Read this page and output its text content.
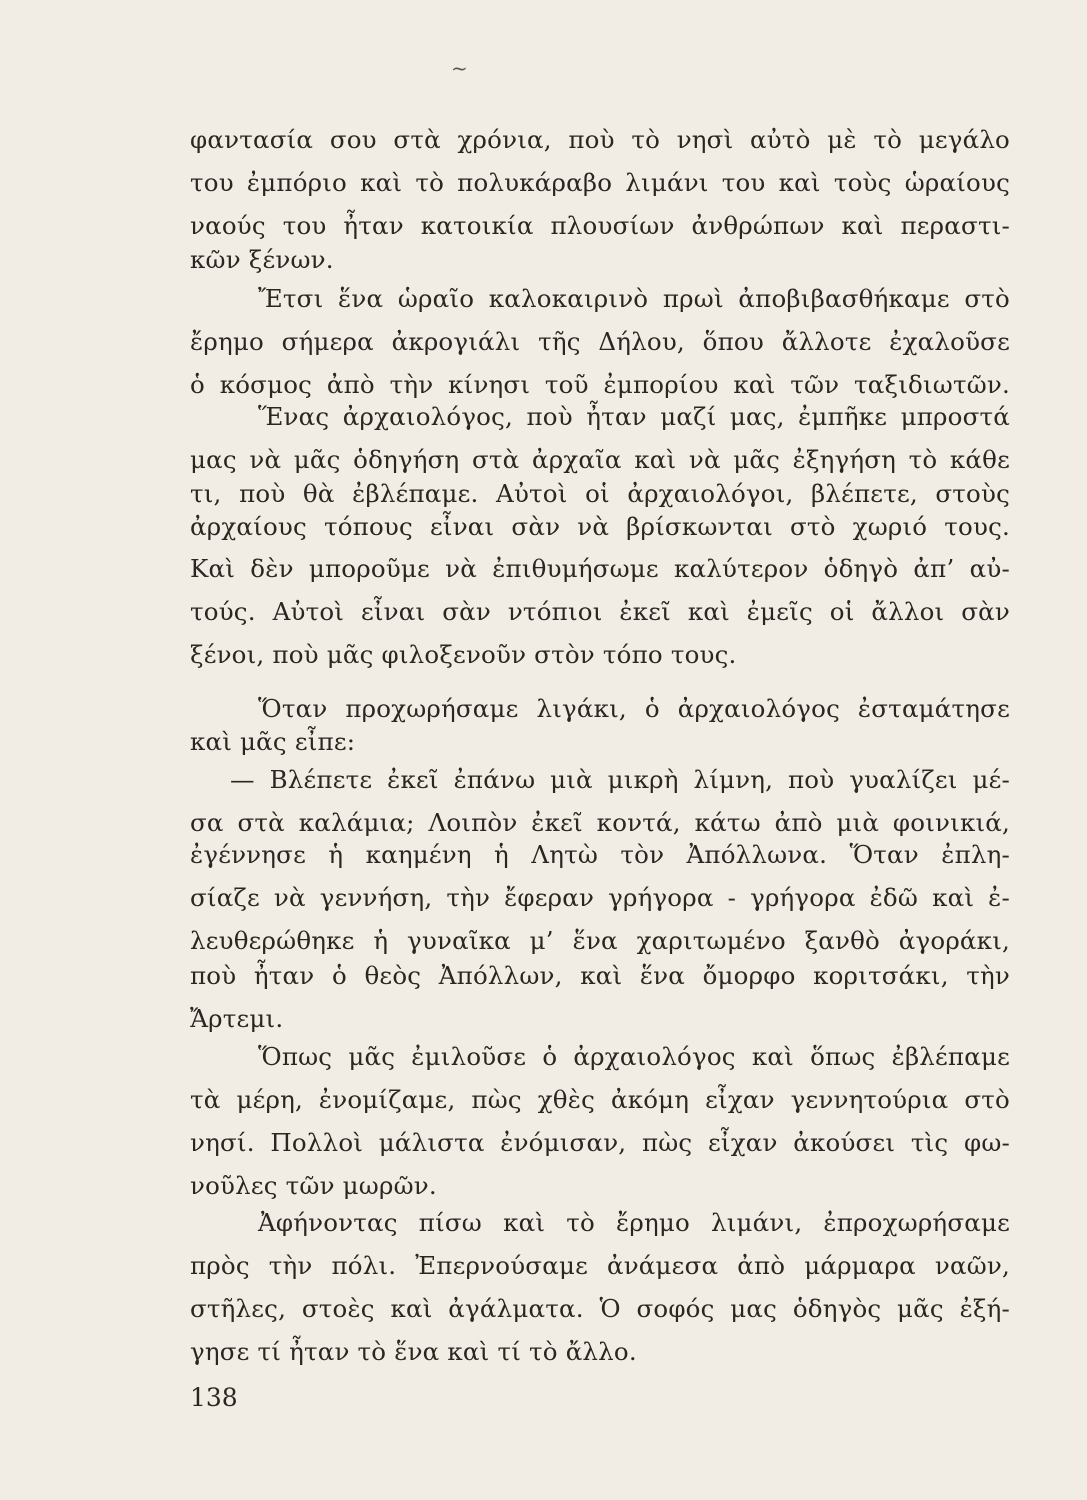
~
φαντασία σου στὰ χρόνια, ποὺ τὸ νησὶ αὐτὸ μὲ τὸ μεγάλο
του ἐμπόριο καὶ τὸ πολυκάραβο λιμάνι του καὶ τοὺς ὡραίους
ναούς του ἦταν κατοικία πλουσίων ἀνθρώπων καὶ περαστι-
κῶν ξένων.
Ἔτσι ἕνα ὡραῖο καλοκαιρινὸ πρωὶ ἀποβιβασθήκαμε στὸ
ἔρημο σήμερα ἀκρογιάλι τῆς Δήλου, ὅπου ἄλλοτε ἐχαλοῦσε
ὁ κόσμος ἀπὸ τὴν κίνησι τοῦ ἐμπορίου καὶ τῶν ταξιδιωτῶν.
Ἕνας ἀρχαιολόγος, ποὺ ἦταν μαζί μας, ἐμπῆκε μπροστά
μας νὰ μᾶς ὁδηγήση στὰ ἀρχαῖα καὶ νὰ μᾶς ἐξηγήση τὸ κάθε
τι, ποὺ θὰ ἐβλέπαμε. Αὐτοὶ οἱ ἀρχαιολόγοι, βλέπετε, στοὺς
ἀρχαίους τόπους εἶναι σὰν νὰ βρίσκωνται στὸ χωριό τους.
Καὶ δὲν μποροῦμε νὰ ἐπιθυμήσωμε καλύτερον ὁδηγὸ ἀπ’ αὐ-
τούς. Αὐτοὶ εἶναι σὰν ντόπιοι ἐκεῖ καὶ ἐμεῖς οἱ ἄλλοι σὰν
ξένοι, ποὺ μᾶς φιλοξενοῦν στὸν τόπο τους.
Ὅταν προχωρήσαμε λιγάκι, ὁ ἀρχαιολόγος ἐσταμάτησε
καὶ μᾶς εἶπε:
— Βλέπετε ἐκεῖ ἐπάνω μιὰ μικρὴ λίμνη, ποὺ γυαλίζει μέ-
σα στὰ καλάμια; Λοιπὸν ἐκεῖ κοντά, κάτω ἀπὸ μιὰ φοινικιά,
ἐγέννησε ἡ καημένη ἡ Λητὼ τὸν Ἀπόλλωνα. Ὅταν ἐπλη-
σίαζε νὰ γεννήση, τὴν ἔφεραν γρήγορα - γρήγορα ἐδῶ καὶ ἐ-
λευθερώθηκε ἡ γυναῖκα μ’ ἕνα χαριτωμένο ξανθὸ ἀγοράκι,
ποὺ ἦταν ὁ θεὸς Ἀπόλλων, καὶ ἕνα ὄμορφο κοριτσάκι, τὴν
Ἄρτεμι.
Ὅπως μᾶς ἐμιλοῦσε ὁ ἀρχαιολόγος καὶ ὅπως ἐβλέπαμε
τὰ μέρη, ἐνομίζαμε, πὼς χθὲς ἀκόμη εἶχαν γεννητούρια στὸ
νησί. Πολλοὶ μάλιστα ἐνόμισαν, πὼς εἶχαν ἀκούσει τὶς φω-
νοῦλες τῶν μωρῶν.
Ἀφήνοντας πίσω καὶ τὸ ἔρημο λιμάνι, ἐπροχωρήσαμε
πρὸς τὴν πόλι. Ἐπερνούσαμε ἀνάμεσα ἀπὸ μάρμαρα ναῶν,
στῆλες, στοὲς καὶ ἀγάλματα. Ὁ σοφός μας ὁδηγὸς μᾶς ἐξή-
γησε τί ἦταν τὸ ἕνα καὶ τί τὸ ἄλλο.
138
